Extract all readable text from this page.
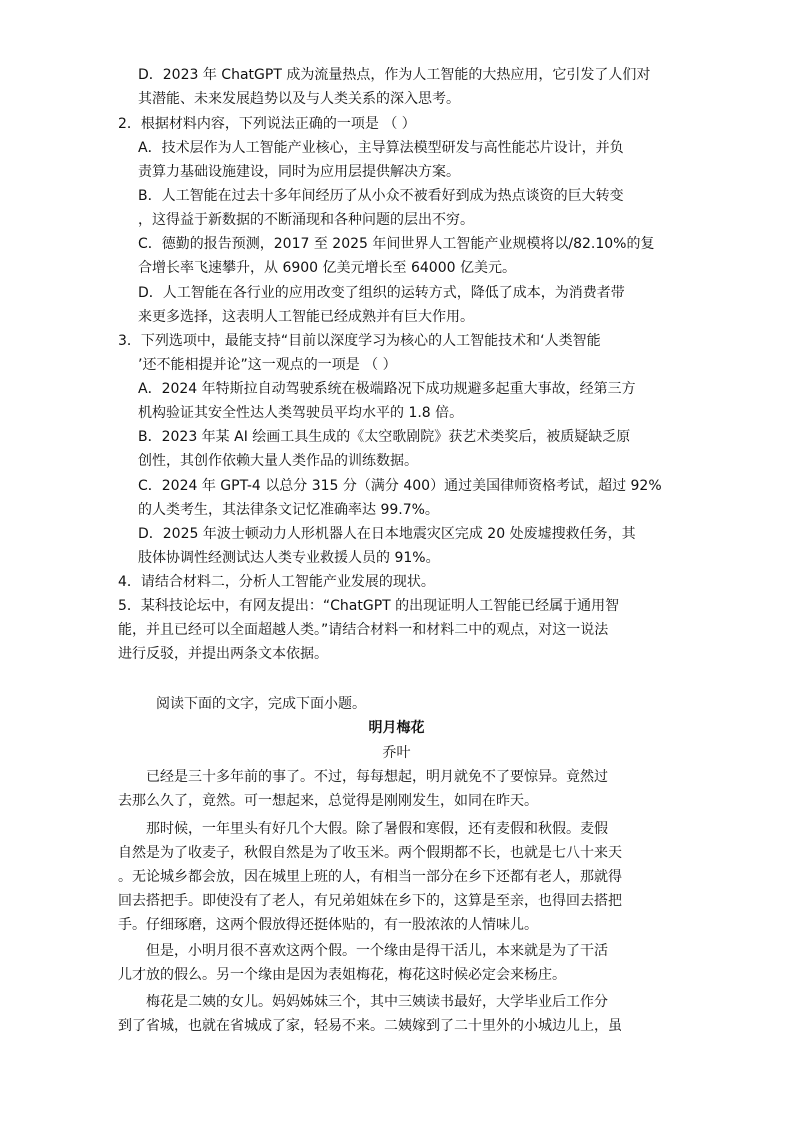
D．2023 年 ChatGPT 成为流量热点，作为人工智能的大热应用，它引发了人们对
其潜能、未来发展趋势以及与人类关系的深入思考。
2．根据材料内容，下列说法正确的一项是 （ ）
A．技术层作为人工智能产业核心，主导算法模型研发与高性能芯片设计，并负
责算力基础设施建设，同时为应用层提供解决方案。
B．人工智能在过去十多年间经历了从小众不被看好到成为热点谈资的巨大转变
，这得益于新数据的不断涌现和各种问题的层出不穷。
C．德勤的报告预测，2017 至 2025 年间世界人工智能产业规模将以/82.10%的复
合增长率飞速攀升，从 6900 亿美元增长至 64000 亿美元。
D．人工智能在各行业的应用改变了组织的运转方式，降低了成本，为消费者带
来更多选择，这表明人工智能已经成熟并有巨大作用。
3．下列选项中，最能支持“目前以深度学习为核心的人工智能技术和‘人类智能
’还不能相提并论”这一观点的一项是 （ ）
A．2024 年特斯拉自动驾驶系统在极端路况下成功规避多起重大事故，经第三方
机构验证其安全性达人类驾驶员平均水平的 1.8 倍。
B．2023 年某 AI 绘画工具生成的《太空歌剧院》获艺术类奖后，被质疑缺乏原
创性，其创作依赖大量人类作品的训练数据。
C．2024 年 GPT-4 以总分 315 分（满分 400）通过美国律师资格考试，超过 92%
的人类考生，其法律条文记忆准确率达 99.7%。
D．2025 年波士顿动力人形机器人在日本地震灾区完成 20 处废墟搜救任务，其
肢体协调性经测试达人类专业救援人员的 91%。
4．请结合材料二，分析人工智能产业发展的现状。
5．某科技论坛中，有网友提出：“ChatGPT 的出现证明人工智能已经属于通用智
能，并且已经可以全面超越人类。”请结合材料一和材料二中的观点，对这一说法
进行反驳，并提出两条文本依据。
阅读下面的文字，完成下面小题。
明月梅花
乔叶
已经是三十多年前的事了。不过，每每想起，明月就免不了要惊异。竟然过
去那么久了，竟然。可一想起来，总觉得是刚刚发生，如同在昨天。
那时候，一年里头有好几个大假。除了暑假和寒假，还有麦假和秋假。麦假
自然是为了收麦子，秋假自然是为了收玉米。两个假期都不长，也就是七八十来天
。无论城乡都会放，因在城里上班的人，有相当一部分在乡下还都有老人，那就得
回去搭把手。即使没有了老人，有兄弟姐妹在乡下的，这算是至亲，也得回去搭把
手。仔细琢磨，这两个假放得还挺体贴的，有一股浓浓的人情味儿。
但是，小明月很不喜欢这两个假。一个缘由是得干活儿，本来就是为了干活
儿才放的假么。另一个缘由是因为表姐梅花，梅花这时候必定会来杨庄。
梅花是二姨的女儿。妈妈姊妹三个，其中三姨读书最好，大学毕业后工作分
到了省城，也就在省城成了家，轻易不来。二姨嫁到了二十里外的小城边儿上，虽
